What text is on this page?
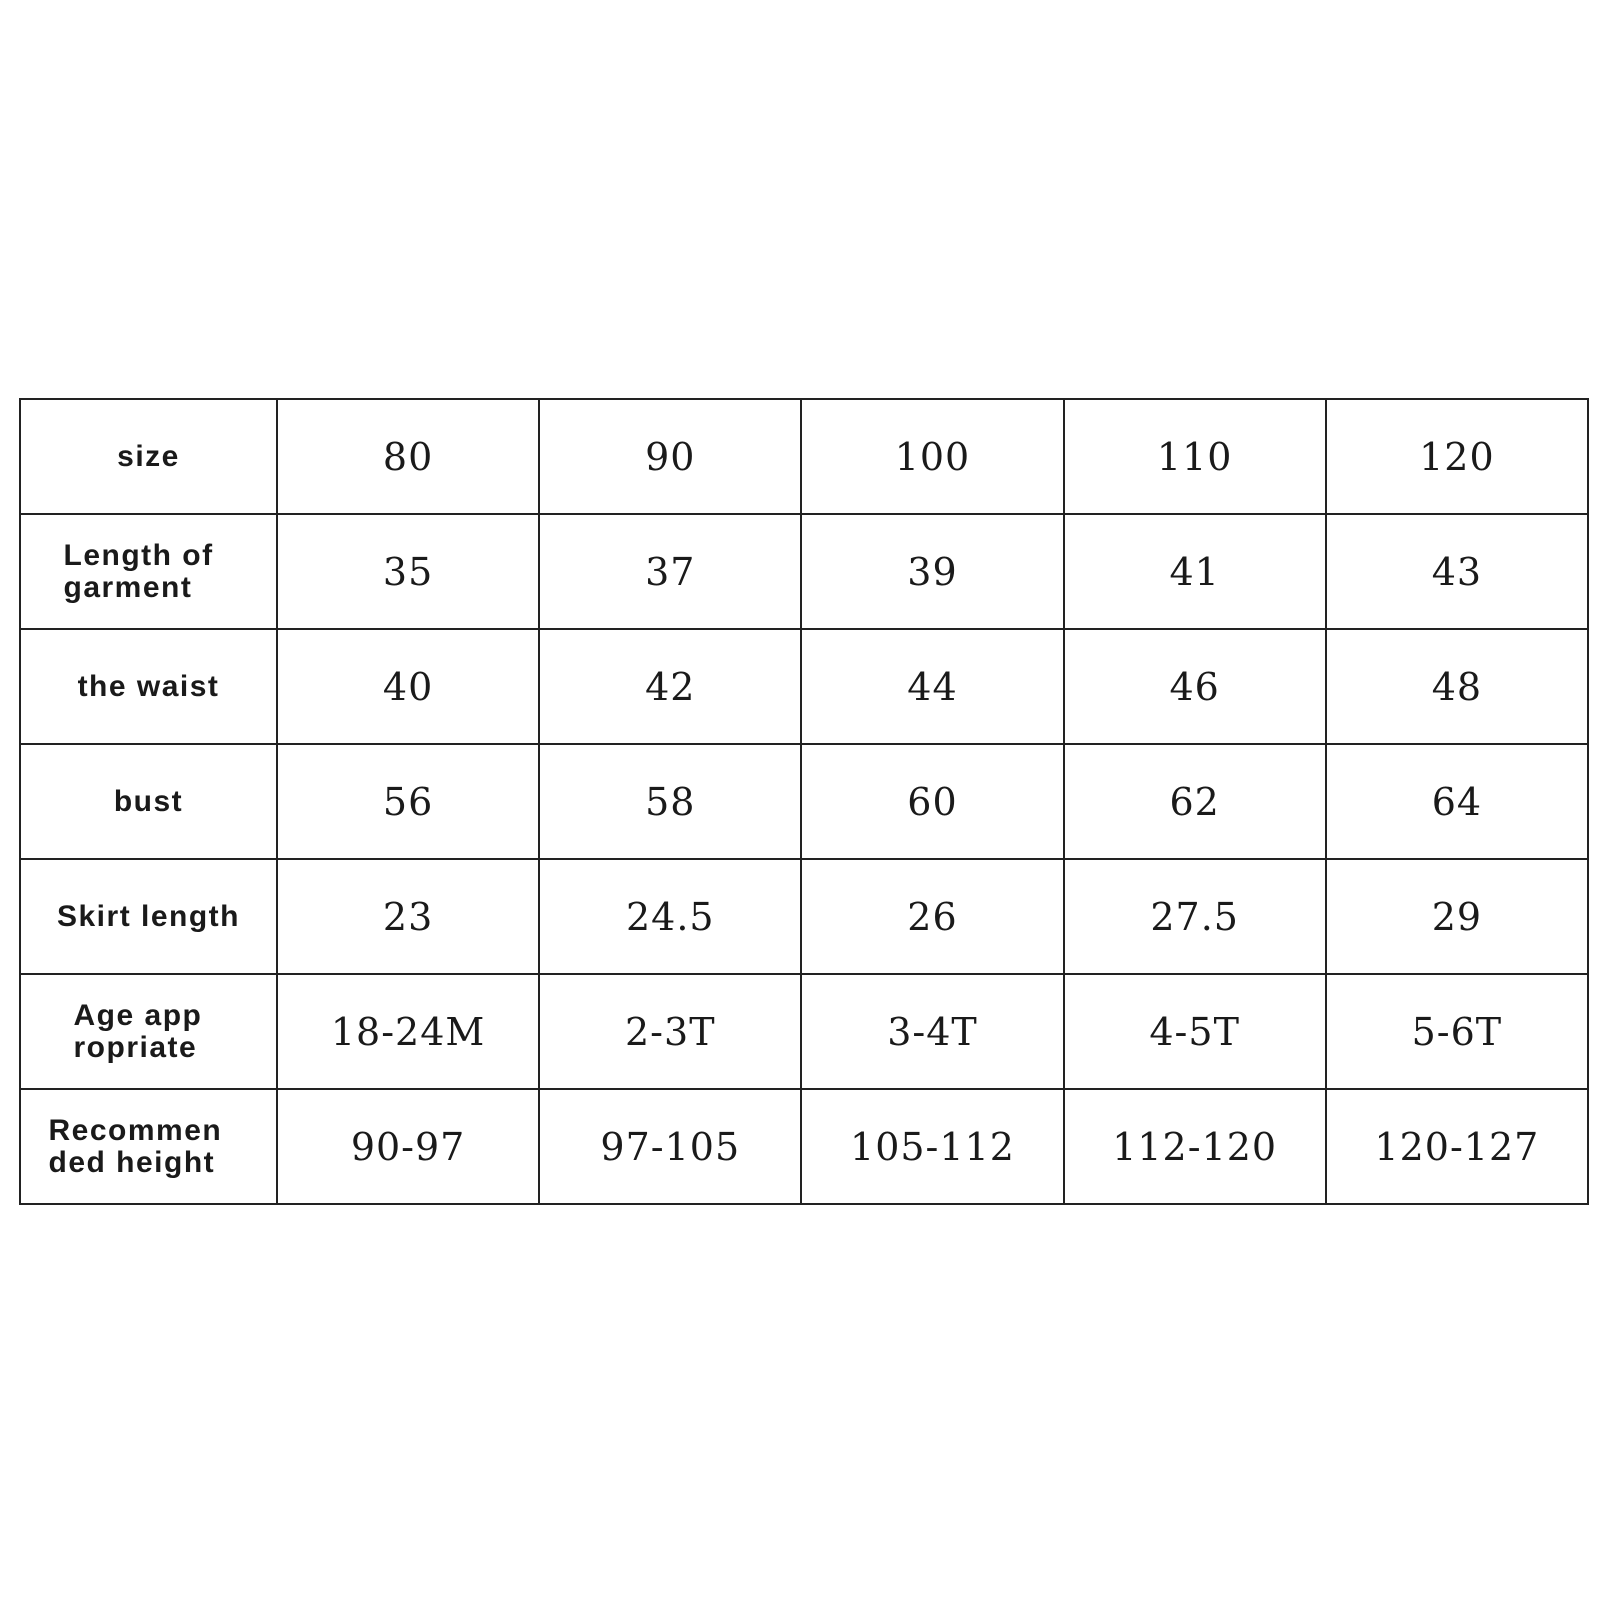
size	80	90	100	110	120
Length of garment	35	37	39	41	43
the waist	40	42	44	46	48
bust	56	58	60	62	64
Skirt length	23	24.5	26	27.5	29
Age app ropriate	18-24M	2-3T	3-4T	4-5T	5-6T
Recommen ded height	90-97	97-105	105-112	112-120	120-127
